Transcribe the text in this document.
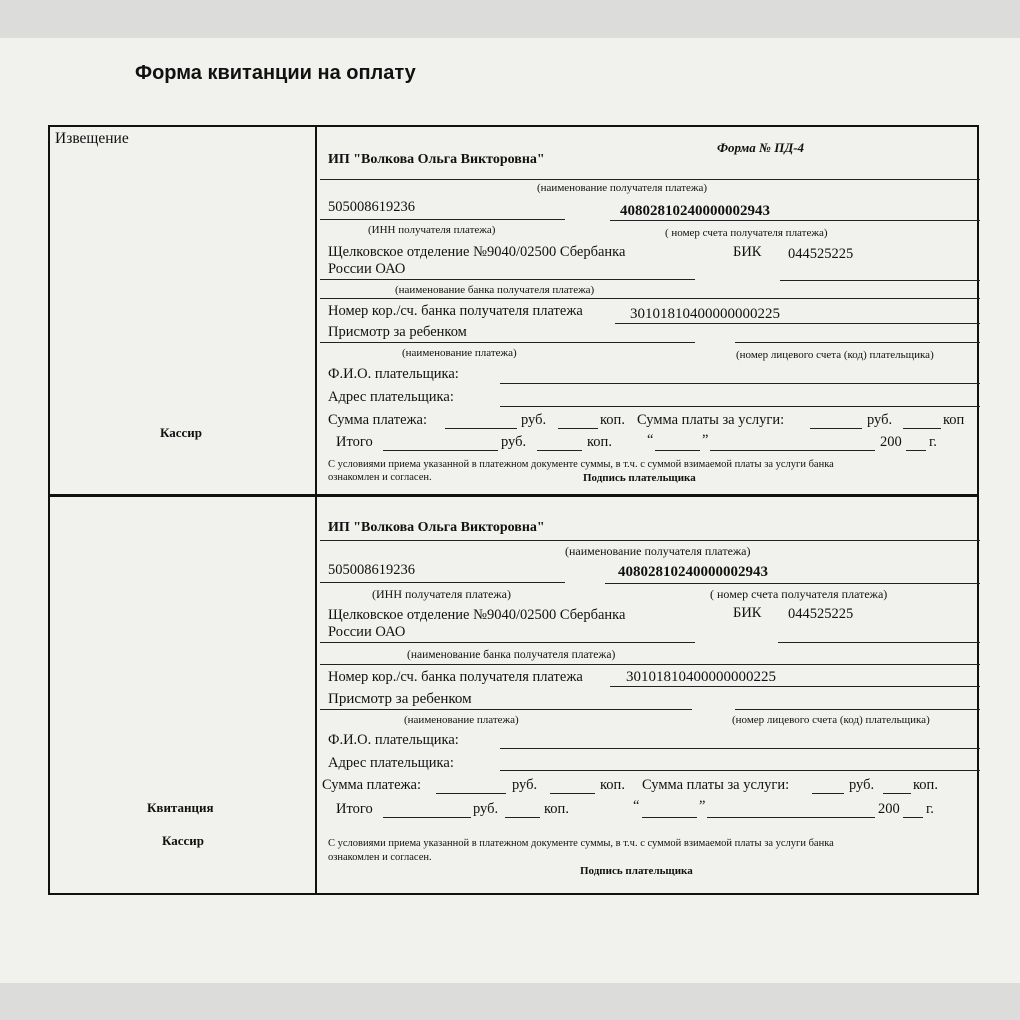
Форма квитанции на оплату
Извещение
Кассир
Квитанция
Кассир
Форма № ПД-4
ИП "Волкова Ольга Викторовна"
(наименование получателя платежа)
505008619236	40802810240000002943
(ИНН получателя платежа)	( номер счета получателя платежа)
Щелковское отделение №9040/02500 Сбербанка	БИК 044525225
России ОАО
(наименование банка получателя платежа)
Номер кор./сч. банка получателя платежа	30101810400000000225
Присмотр за ребенком
(наименование платежа)	(номер лицевого счета (код) плательщика)
Ф.И.О. плательщика:
Адрес плательщика:
Сумма платежа:	руб.	коп. Сумма платы за услуги:	руб.	коп
Итого	руб.	коп. “	”	200 г.
С условиями приема указанной в платежном документе суммы, в т.ч. с суммой взимаемой платы за услуги банка
ознакомлен и согласен.	Подпись плательщика
ИП "Волкова Ольга Викторовна"
(наименование получателя платежа)
505008619236	40802810240000002943
(ИНН получателя платежа)	( номер счета получателя платежа)
Щелковское отделение №9040/02500 Сбербанка	БИК 044525225
России ОАО
(наименование банка получателя платежа)
Номер кор./сч. банка получателя платежа	30101810400000000225
Присмотр за ребенком
(наименование платежа)	(номер лицевого счета (код) плательщика)
Ф.И.О. плательщика:
Адрес плательщика:
Сумма платежа:	руб.	коп. Сумма платы за услуги:	руб.	коп.
Итого	руб.	коп.	“	”	200 г.
С условиями приема указанной в платежном документе суммы, в т.ч. с суммой взимаемой платы за услуги банка
ознакомлен и согласен.
Подпись плательщика
